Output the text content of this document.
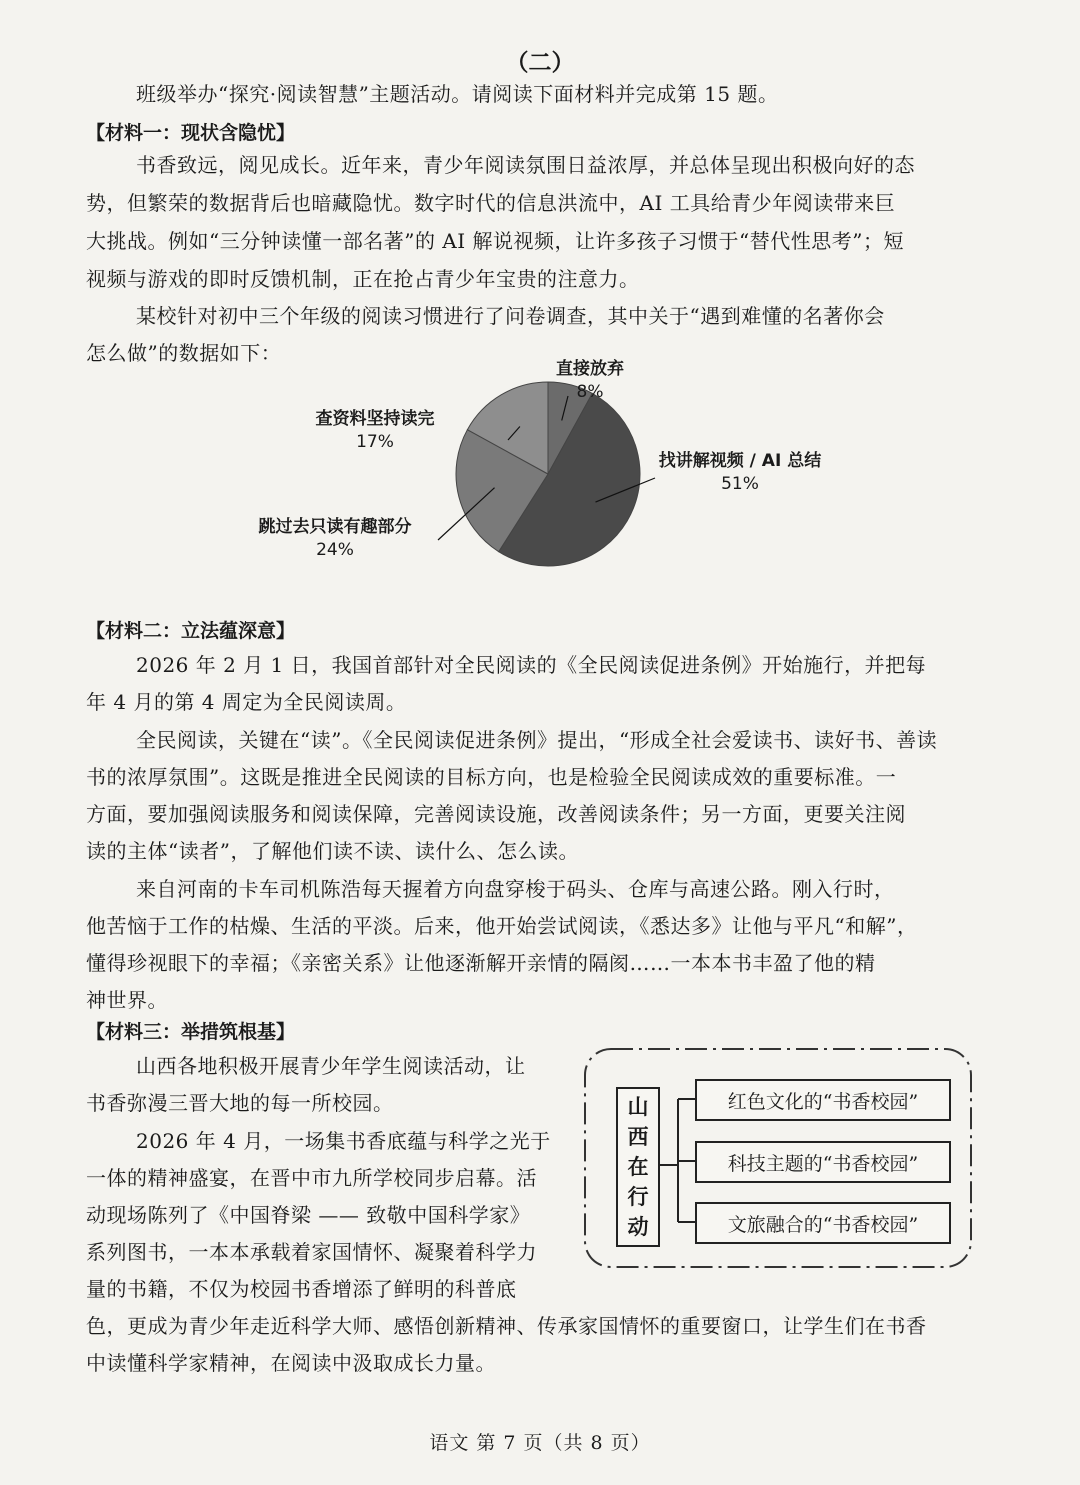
（二）
班级举办“探究·阅读智慧”主题活动。请阅读下面材料并完成第 15 题。
【材料一：现状含隐忧】
书香致远，阅见成长。近年来，青少年阅读氛围日益浓厚，并总体呈现出积极向好的态
势，但繁荣的数据背后也暗藏隐忧。数字时代的信息洪流中，AI 工具给青少年阅读带来巨
大挑战。例如“三分钟读懂一部名著”的 AI 解说视频，让许多孩子习惯于“替代性思考”；短
视频与游戏的即时反馈机制，正在抢占青少年宝贵的注意力。
某校针对初中三个年级的阅读习惯进行了问卷调查，其中关于“遇到难懂的名著你会
怎么做”的数据如下：
直接放弃
8%
找讲解视频 / AI 总结
51%
跳过去只读有趣部分
24%
查资料坚持读完
17%
【材料二：立法蕴深意】
2026 年 2 月 1 日，我国首部针对全民阅读的《全民阅读促进条例》开始施行，并把每
年 4 月的第 4 周定为全民阅读周。
全民阅读，关键在“读”。《全民阅读促进条例》提出，“形成全社会爱读书、读好书、善读
书的浓厚氛围”。这既是推进全民阅读的目标方向，也是检验全民阅读成效的重要标准。一
方面，要加强阅读服务和阅读保障，完善阅读设施，改善阅读条件；另一方面，更要关注阅
读的主体“读者”，了解他们读不读、读什么、怎么读。
来自河南的卡车司机陈浩每天握着方向盘穿梭于码头、仓库与高速公路。刚入行时，
他苦恼于工作的枯燥、生活的平淡。后来，他开始尝试阅读，《悉达多》让他与平凡“和解”，
懂得珍视眼下的幸福；《亲密关系》让他逐渐解开亲情的隔阂……一本本书丰盈了他的精
神世界。
【材料三：举措筑根基】
山西各地积极开展青少年学生阅读活动，让
书香弥漫三晋大地的每一所校园。
2026 年 4 月，一场集书香底蕴与科学之光于
一体的精神盛宴，在晋中市九所学校同步启幕。活
动现场陈列了《中国脊梁 —— 致敬中国科学家》
系列图书，一本本承载着家国情怀、凝聚着科学力
量的书籍，不仅为校园书香增添了鲜明的科普底
色，更成为青少年走近科学大师、感悟创新精神、传承家国情怀的重要窗口，让学生们在书香
中读懂科学家精神，在阅读中汲取成长力量。
山
西
在
行
动
红色文化的“书香校园”
科技主题的“书香校园”
文旅融合的“书香校园”
语文 第 7 页（共 8 页）
